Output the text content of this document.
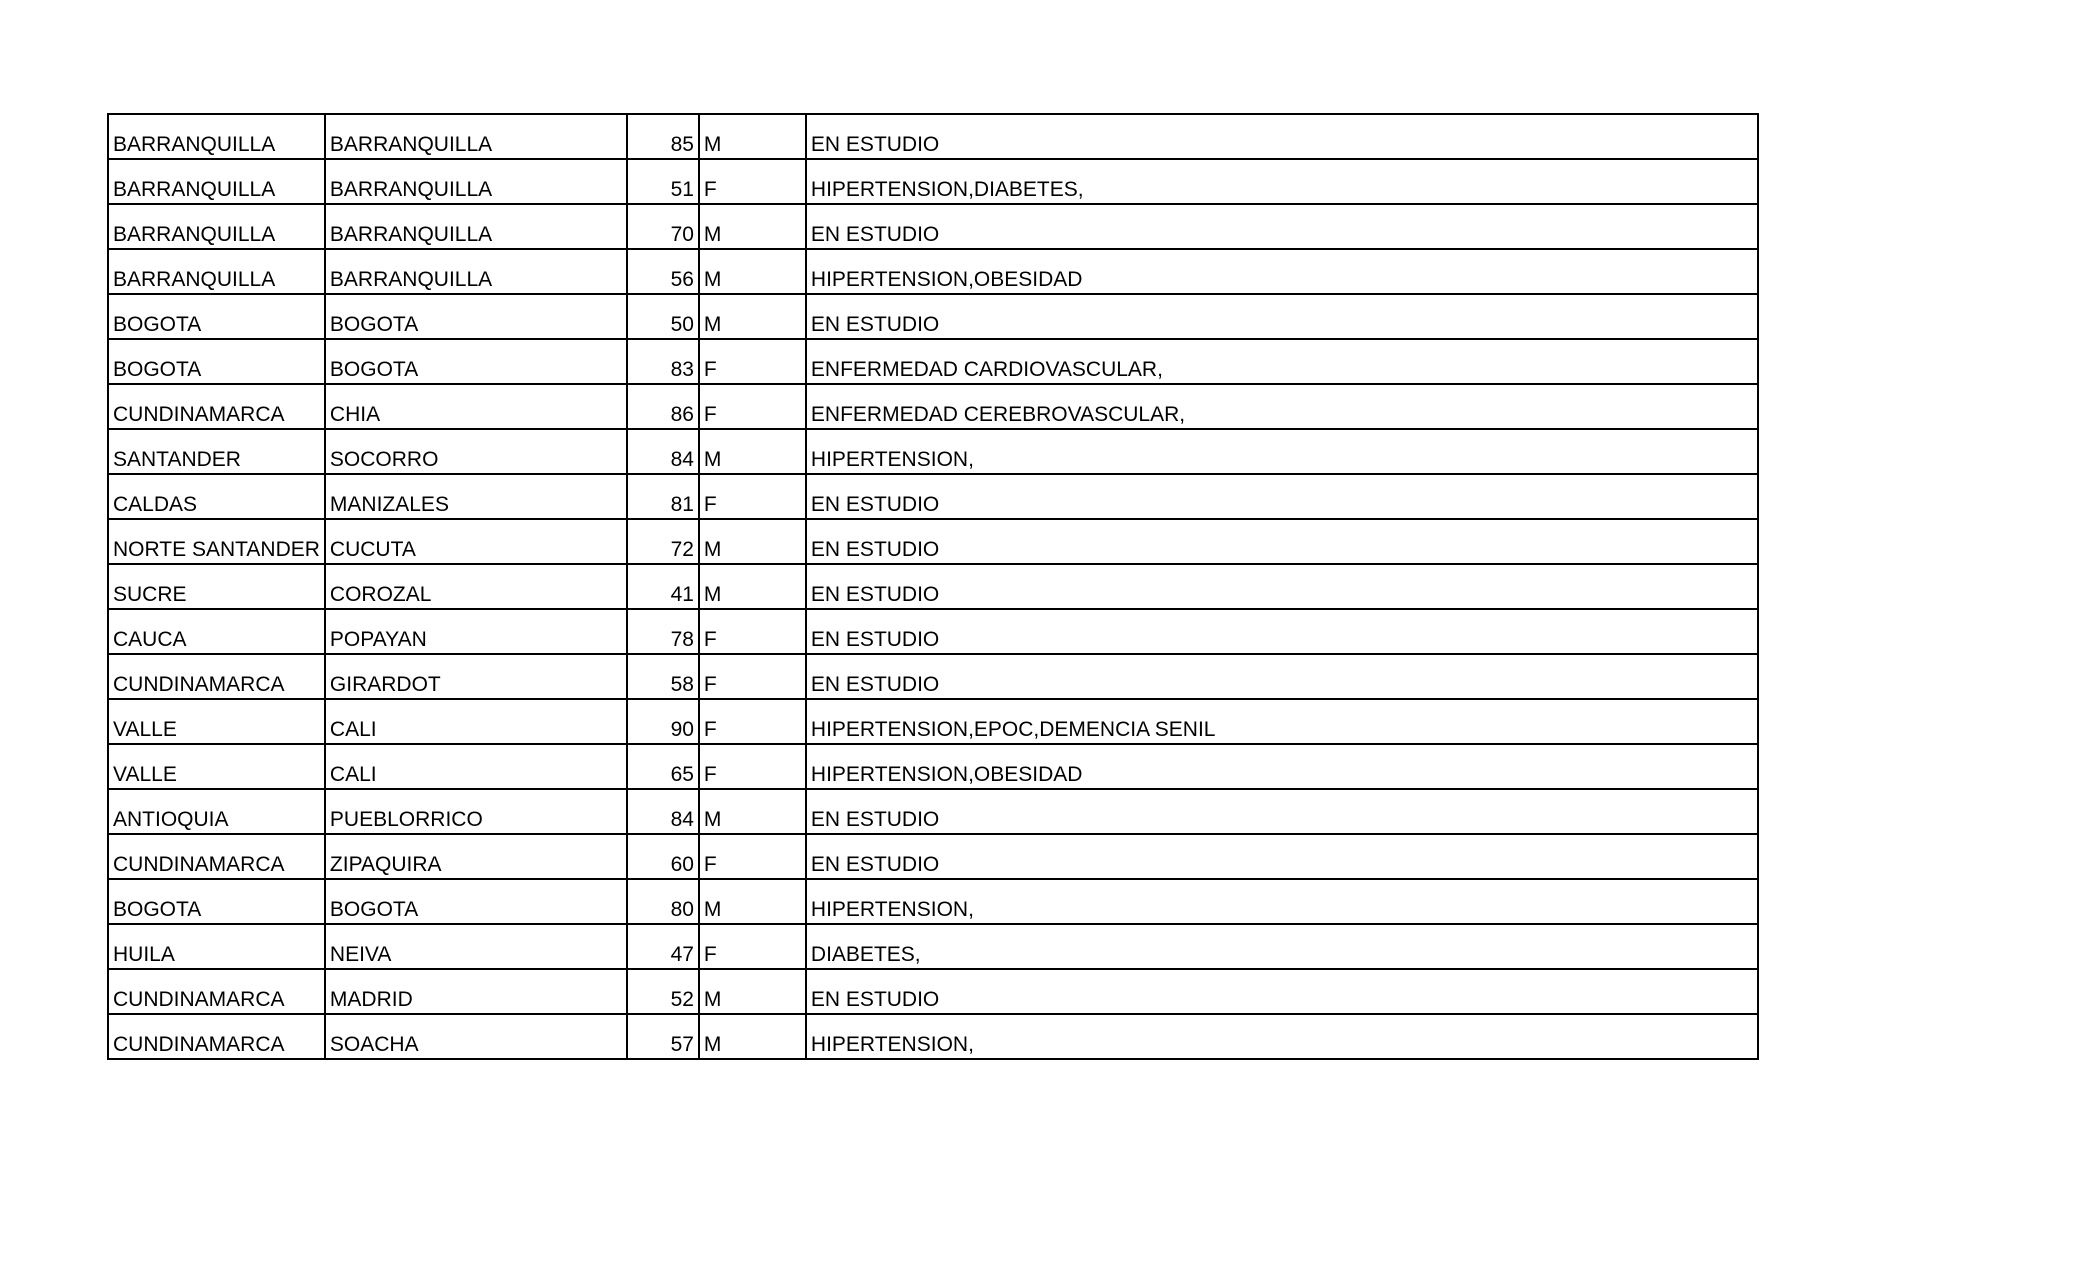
BARRANQUILLA	BARRANQUILLA	85	M	EN ESTUDIO
BARRANQUILLA	BARRANQUILLA	51	F	HIPERTENSION,DIABETES,
BARRANQUILLA	BARRANQUILLA	70	M	EN ESTUDIO
BARRANQUILLA	BARRANQUILLA	56	M	HIPERTENSION,OBESIDAD
BOGOTA	BOGOTA	50	M	EN ESTUDIO
BOGOTA	BOGOTA	83	F	ENFERMEDAD CARDIOVASCULAR,
CUNDINAMARCA	CHIA	86	F	ENFERMEDAD CEREBROVASCULAR,
SANTANDER	SOCORRO	84	M	HIPERTENSION,
CALDAS	MANIZALES	81	F	EN ESTUDIO
NORTE SANTANDER	CUCUTA	72	M	EN ESTUDIO
SUCRE	COROZAL	41	M	EN ESTUDIO
CAUCA	POPAYAN	78	F	EN ESTUDIO
CUNDINAMARCA	GIRARDOT	58	F	EN ESTUDIO
VALLE	CALI	90	F	HIPERTENSION,EPOC,DEMENCIA SENIL
VALLE	CALI	65	F	HIPERTENSION,OBESIDAD
ANTIOQUIA	PUEBLORRICO	84	M	EN ESTUDIO
CUNDINAMARCA	ZIPAQUIRA	60	F	EN ESTUDIO
BOGOTA	BOGOTA	80	M	HIPERTENSION,
HUILA	NEIVA	47	F	DIABETES,
CUNDINAMARCA	MADRID	52	M	EN ESTUDIO
CUNDINAMARCA	SOACHA	57	M	HIPERTENSION,
